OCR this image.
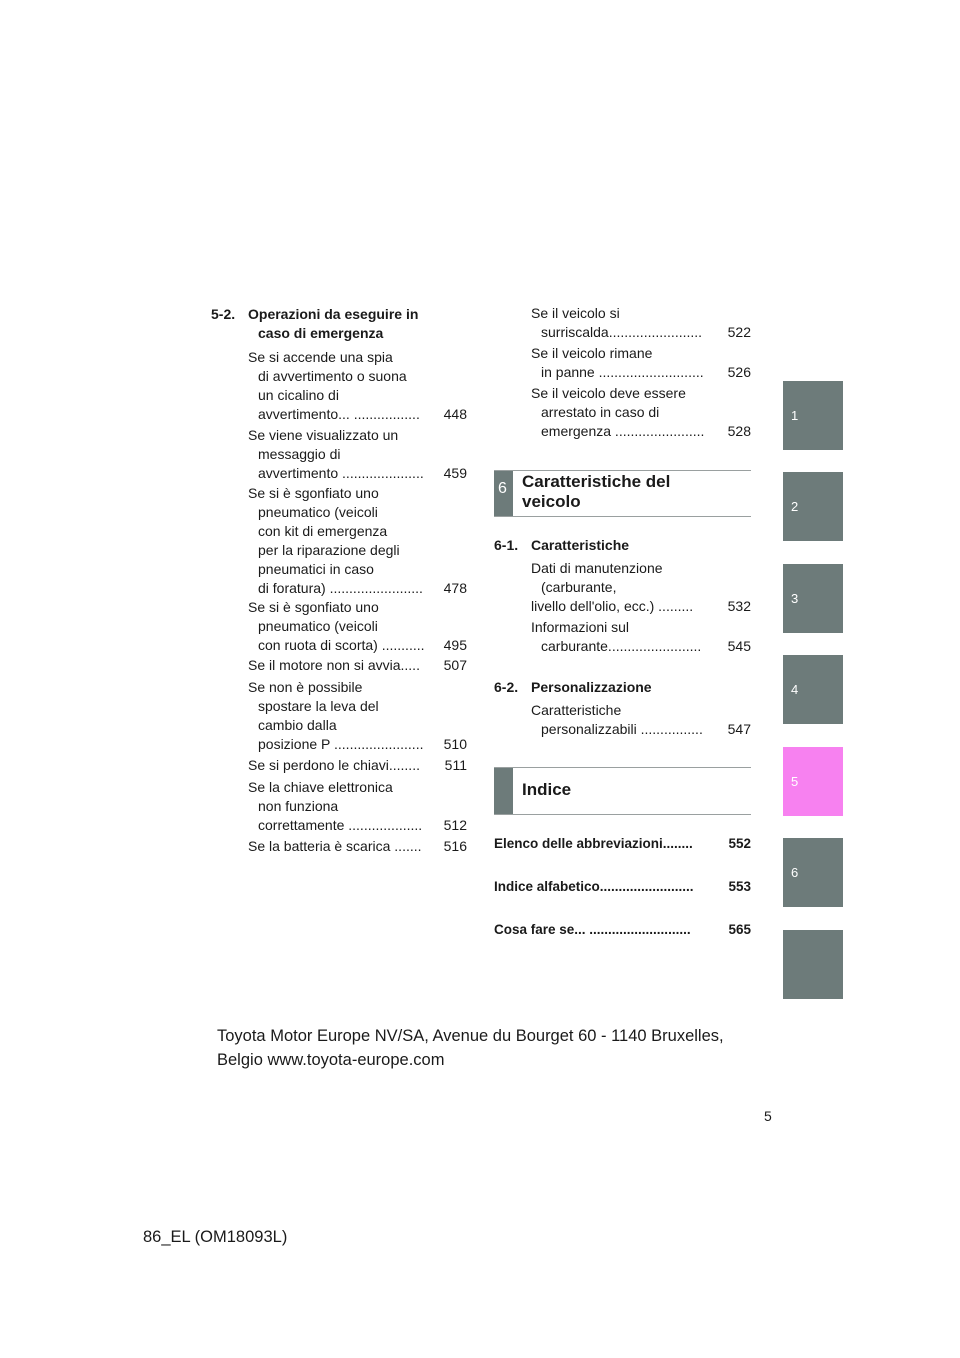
5-2. Operazioni da eseguire in
caso di emergenza
Se si accende una spia
di avvertimento o suona
un cicalino di
avvertimento... .................	448
Se viene visualizzato un
messaggio di
avvertimento .....................	459
Se si è sgonfiato uno
pneumatico (veicoli
con kit di emergenza
per la riparazione degli
pneumatici in caso
di foratura) ........................	478
Se si è sgonfiato uno
pneumatico (veicoli
con ruota di scorta) ...........	495
Se il motore non si avvia.....	507
Se non è possibile
spostare la leva del
cambio dalla
posizione P .......................	510
Se si perdono le chiavi........	511
Se la chiave elettronica
non funziona
correttamente ...................	512
Se la batteria è scarica .......	516
Se il veicolo si
surriscalda........................	522
Se il veicolo rimane
in panne ...........................	526
Se il veicolo deve essere
arrestato in caso di
emergenza .......................	528
6 Caratteristiche del
veicolo
6-1. Caratteristiche
Dati di manutenzione
(carburante,
livello dell'olio, ecc.) .........	532
Informazioni sul
carburante........................	545
6-2. Personalizzazione
Caratteristiche
personalizzabili ................	547
Indice
Elenco delle abbreviazioni........	552
Indice alfabetico.........................	553
Cosa fare se... ...........................	565
1
2
3
4
5
6
Toyota Motor Europe NV/SA, Avenue du Bourget 60 - 1140 Bruxelles,
Belgio www.toyota-europe.com
5
86_EL (OM18093L)
